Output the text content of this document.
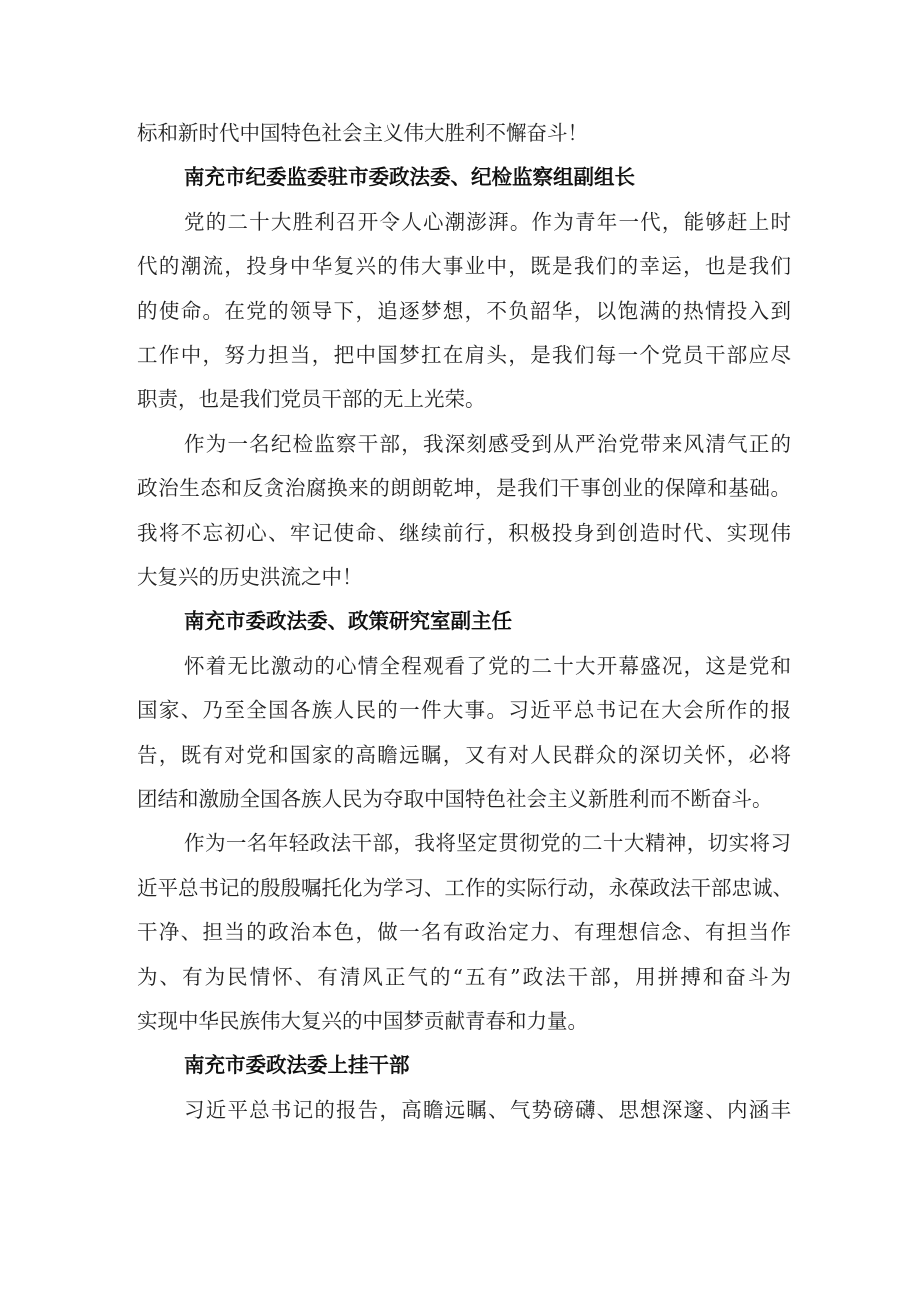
标和新时代中国特色社会主义伟大胜利不懈奋斗！
南充市纪委监委驻市委政法委、纪检监察组副组长
党的二十大胜利召开令人心潮澎湃。作为青年一代，能够赶上时
代的潮流，投身中华复兴的伟大事业中，既是我们的幸运，也是我们
的使命。在党的领导下，追逐梦想，不负韶华，以饱满的热情投入到
工作中，努力担当，把中国梦扛在肩头，是我们每一个党员干部应尽
职责，也是我们党员干部的无上光荣。
作为一名纪检监察干部，我深刻感受到从严治党带来风清气正的
政治生态和反贪治腐换来的朗朗乾坤，是我们干事创业的保障和基础。
我将不忘初心、牢记使命、继续前行，积极投身到创造时代、实现伟
大复兴的历史洪流之中！
南充市委政法委、政策研究室副主任
怀着无比激动的心情全程观看了党的二十大开幕盛况，这是党和
国家、乃至全国各族人民的一件大事。习近平总书记在大会所作的报
告，既有对党和国家的高瞻远瞩，又有对人民群众的深切关怀，必将
团结和激励全国各族人民为夺取中国特色社会主义新胜利而不断奋斗。
作为一名年轻政法干部，我将坚定贯彻党的二十大精神，切实将习
近平总书记的殷殷嘱托化为学习、工作的实际行动，永葆政法干部忠诚、
干净、担当的政治本色，做一名有政治定力、有理想信念、有担当作
为、有为民情怀、有清风正气的“五有”政法干部，用拼搏和奋斗为
实现中华民族伟大复兴的中国梦贡献青春和力量。
南充市委政法委上挂干部
习近平总书记的报告，高瞻远瞩、气势磅礴、思想深邃、内涵丰
